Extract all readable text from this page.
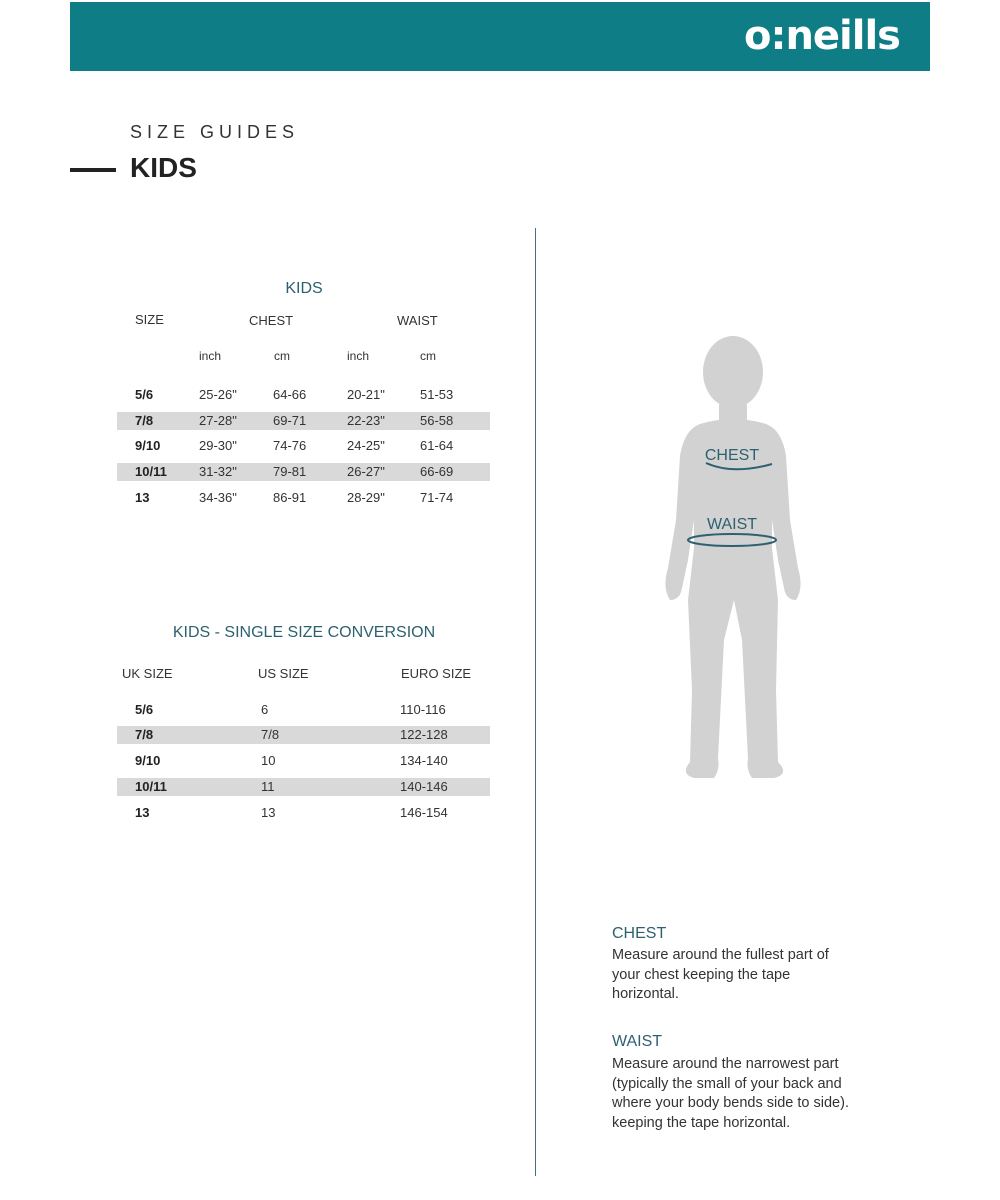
o:neills
SIZE GUIDES
KIDS
KIDS
SIZE	CHEST	WAIST
inch	cm	inch	cm
5/6	25-26"	64-66	20-21"	51-53
7/8	27-28"	69-71	22-23"	56-58
9/10	29-30"	74-76	24-25"	61-64
10/11 31-32"	79-81	26-27"	66-69
13	34-36"	86-91	28-29"	71-74
KIDS - SINGLE SIZE CONVERSION
UK SIZE	US SIZE	EURO SIZE
5/6	6	110-116
7/8	7/8	122-128
9/10	10	134-140
10/11	11	140-146
13	13	146-154
CHEST
WAIST
CHEST
Measure around the fullest part of
your chest keeping the tape
horizontal.
WAIST
Measure around the narrowest part
(typically the small of your back and
where your body bends side to side).
keeping the tape horizontal.
